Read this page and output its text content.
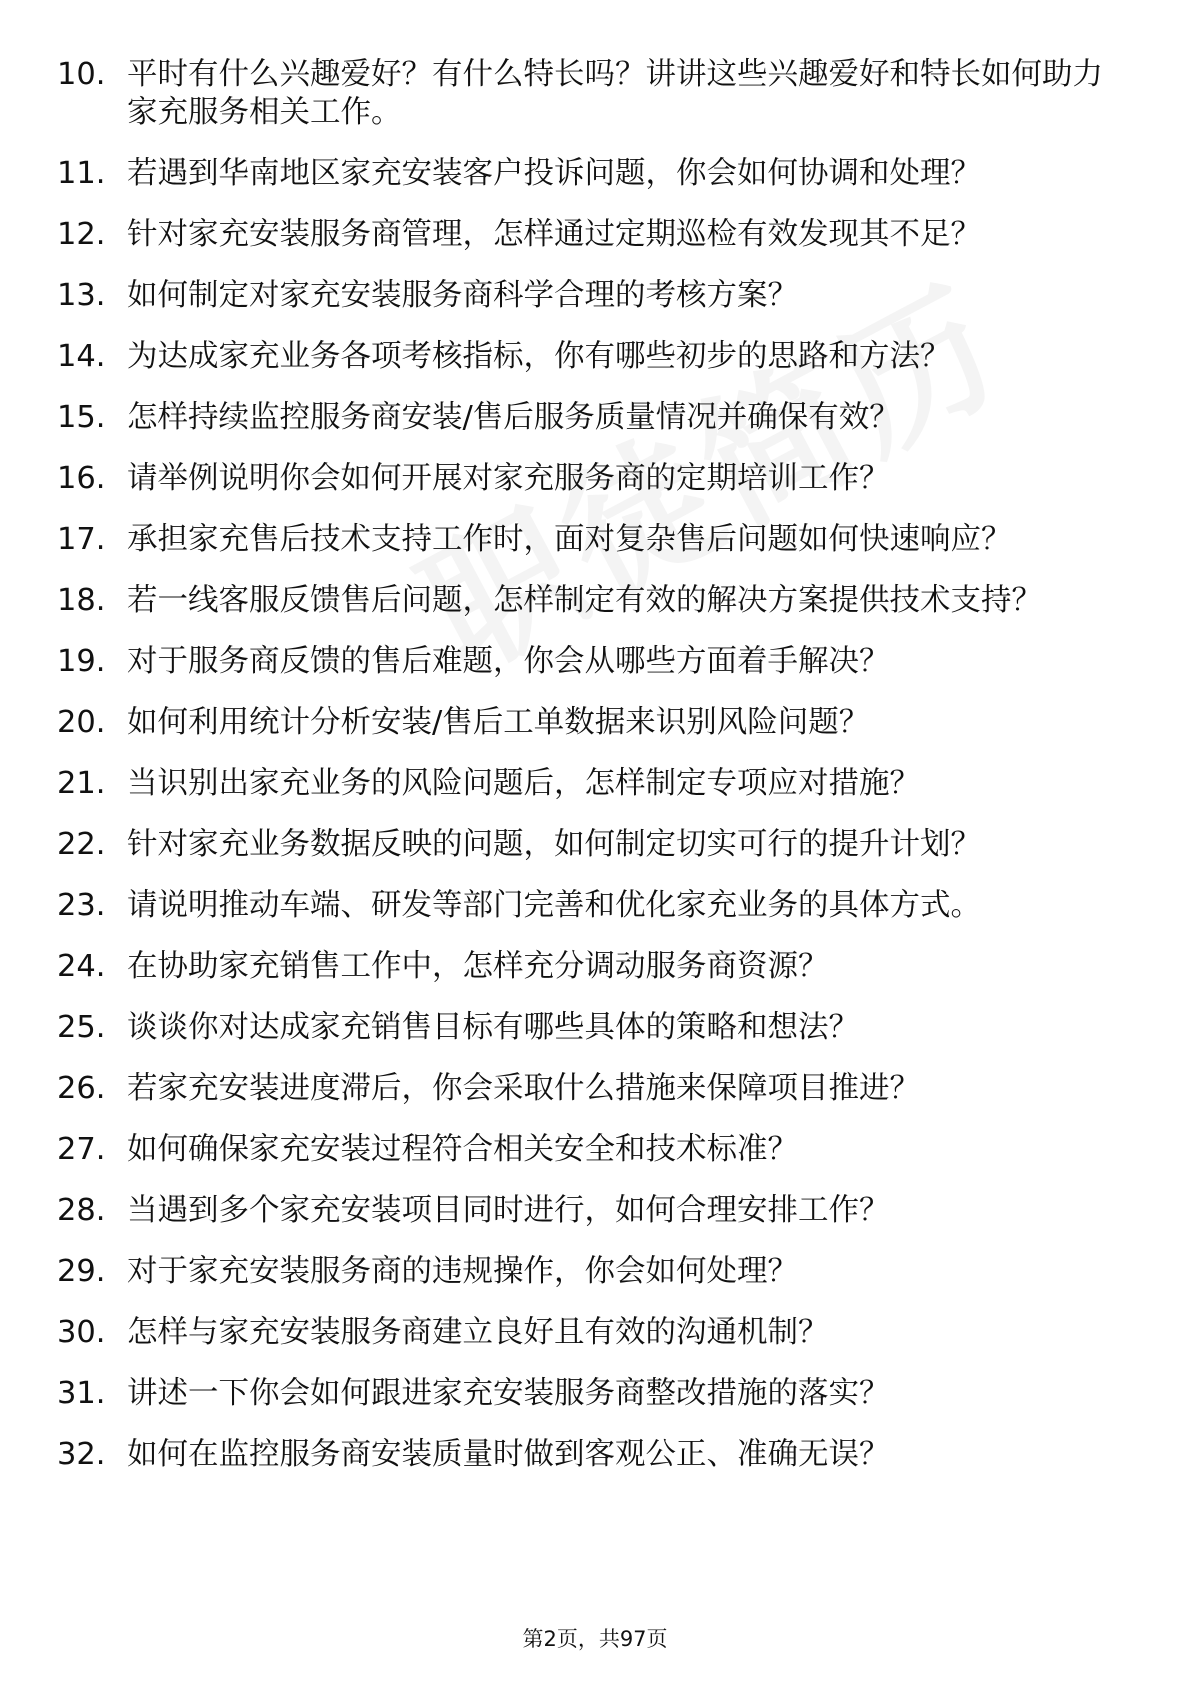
10. 平时有什么兴趣爱好？有什么特长吗？讲讲这些兴趣爱好和特长如何助力家充服务相关工作。
11. 若遇到华南地区家充安装客户投诉问题，你会如何协调和处理？
12. 针对家充安装服务商管理，怎样通过定期巡检有效发现其不足？
13. 如何制定对家充安装服务商科学合理的考核方案？
14. 为达成家充业务各项考核指标，你有哪些初步的思路和方法？
15. 怎样持续监控服务商安装/售后服务质量情况并确保有效？
16. 请举例说明你会如何开展对家充服务商的定期培训工作？
17. 承担家充售后技术支持工作时，面对复杂售后问题如何快速响应？
18. 若一线客服反馈售后问题，怎样制定有效的解决方案提供技术支持？
19. 对于服务商反馈的售后难题，你会从哪些方面着手解决？
20. 如何利用统计分析安装/售后工单数据来识别风险问题？
21. 当识别出家充业务的风险问题后，怎样制定专项应对措施？
22. 针对家充业务数据反映的问题，如何制定切实可行的提升计划？
23. 请说明推动车端、研发等部门完善和优化家充业务的具体方式。
24. 在协助家充销售工作中，怎样充分调动服务商资源？
25. 谈谈你对达成家充销售目标有哪些具体的策略和想法？
26. 若家充安装进度滞后，你会采取什么措施来保障项目推进？
27. 如何确保家充安装过程符合相关安全和技术标准？
28. 当遇到多个家充安装项目同时进行，如何合理安排工作？
29. 对于家充安装服务商的违规操作，你会如何处理？
30. 怎样与家充安装服务商建立良好且有效的沟通机制？
31. 讲述一下你会如何跟进家充安装服务商整改措施的落实？
32. 如何在监控服务商安装质量时做到客观公正、准确无误？
第2页，共97页
